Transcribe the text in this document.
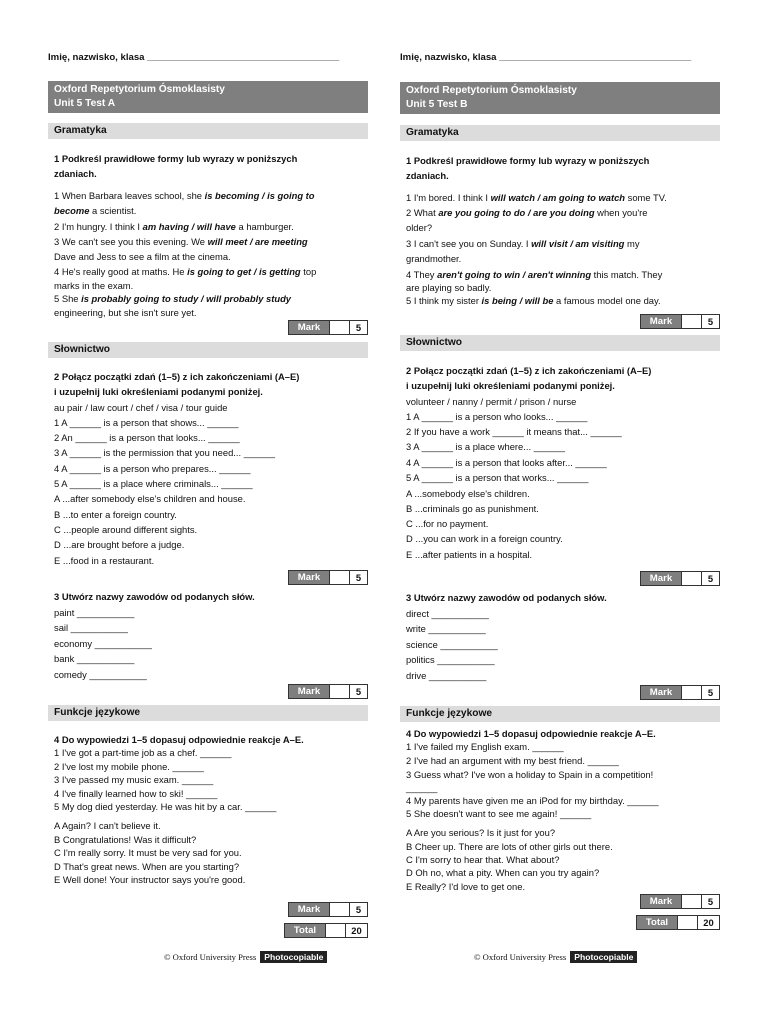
Imię, nazwisko, klasa ____________________________________
Oxford Repetytorium Ósmoklasisty
Unit 5 Test A
Gramatyka
1 Podkreśl prawidłowe formy lub wyrazy w poniższych
zdaniach.
1 When Barbara leaves school, she is becoming / is going to
become a scientist.
2 I'm hungry. I think I am having / will have a hamburger.
3 We can't see you this evening. We will meet / are meeting
Dave and Jess to see a film at the cinema.
4 He's really good at maths. He is going to get / is getting top
marks in the exam.
5 She is probably going to study / will probably study
engineering, but she isn't sure yet.
Mark	5
Słownictwo
2 Połącz początki zdań (1–5) z ich zakończeniami (A–E)
i uzupełnij luki określeniami podanymi poniżej.
au pair / law court / chef / visa / tour guide
1 A ______ is a person that shows... ______
2 An ______ is a person that looks... ______
3 A ______ is the permission that you need... ______
4 A ______ is a person who prepares... ______
5 A ______ is a place where criminals... ______
A ...after somebody else's children and house.
B ...to enter a foreign country.
C ...people around different sights.
D ...are brought before a judge.
E ...food in a restaurant.
Mark	5
3 Utwórz nazwy zawodów od podanych słów.
paint ___________
sail ___________
economy ___________
bank ___________
comedy ___________
Mark	5
Funkcje językowe
4 Do wypowiedzi 1–5 dopasuj odpowiednie reakcje A–E.
1 I've got a part-time job as a chef. ______
2 I've lost my mobile phone. ______
3 I've passed my music exam. ______
4 I've finally learned how to ski! ______
5 My dog died yesterday. He was hit by a car. ______
A Again? I can't believe it.
B Congratulations! Was it difficult?
C I'm really sorry. It must be very sad for you.
D That's great news. When are you starting?
E Well done! Your instructor says you're good.
Mark	5
Total	20
© Oxford University Press Photocopiable
Imię, nazwisko, klasa ____________________________________
Oxford Repetytorium Ósmoklasisty
Unit 5 Test B
Gramatyka
1 Podkreśl prawidłowe formy lub wyrazy w poniższych
zdaniach.
1 I'm bored. I think I will watch / am going to watch some TV.
2 What are you going to do / are you doing when you're
older?
3 I can't see you on Sunday. I will visit / am visiting my
grandmother.
4 They aren't going to win / aren't winning this match. They
are playing so badly.
5 I think my sister is being / will be a famous model one day.
Mark	5
Słownictwo
2 Połącz początki zdań (1–5) z ich zakończeniami (A–E)
i uzupełnij luki określeniami podanymi poniżej.
volunteer / nanny / permit / prison / nurse
1 A ______ is a person who looks... ______
2 If you have a work ______ it means that... ______
3 A ______ is a place where... ______
4 A ______ is a person that looks after... ______
5 A ______ is a person that works... ______
A ...somebody else's children.
B ...criminals go as punishment.
C ...for no payment.
D ...you can work in a foreign country.
E ...after patients in a hospital.
Mark	5
3 Utwórz nazwy zawodów od podanych słów.
direct ___________
write ___________
science ___________
politics ___________
drive ___________
Mark	5
Funkcje językowe
4 Do wypowiedzi 1–5 dopasuj odpowiednie reakcje A–E.
1 I've failed my English exam. ______
2 I've had an argument with my best friend. ______
3 Guess what? I've won a holiday to Spain in a competition!
______
4 My parents have given me an iPod for my birthday. ______
5 She doesn't want to see me again! ______
A Are you serious? Is it just for you?
B Cheer up. There are lots of other girls out there.
C I'm sorry to hear that. What about?
D Oh no, what a pity. When can you try again?
E Really? I'd love to get one.
Mark	5
Total	20
© Oxford University Press Photocopiable
